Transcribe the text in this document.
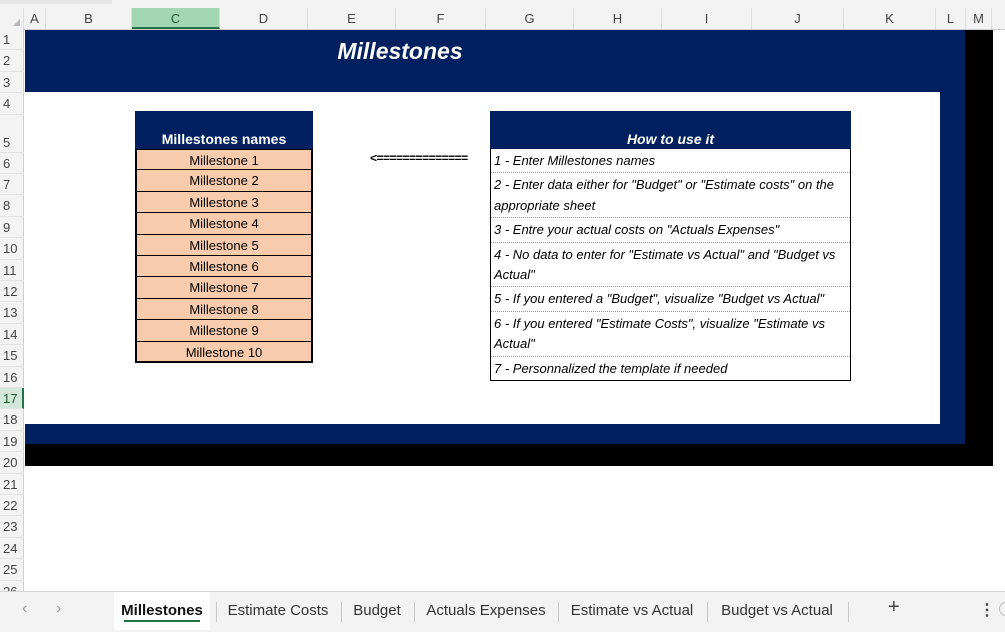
A	B	C	D	E	F	G	H	I	J	K	L	M
1
2
3
4
5
6
7
8
9
10
11
12
13
14
15
16
17
18
19
20
21
22
23
24
25
Millestones
Millestones names
Millestone 1
Millestone 2
Millestone 3
Millestone 4
Millestone 5
Millestone 6
Millestone 7
Millestone 8
Millestone 9
Millestone 10
<==============
How to use it
1 - Enter Millestones names
2 - Enter data either for "Budget" or "Estimate costs" on the appropriate sheet
3 - Entre your actual costs on "Actuals Expenses"
4 - No data to enter for "Estimate vs Actual" and "Budget vs Actual"
5 - If you entered a "Budget", visualize "Budget vs Actual"
6 - If you entered "Estimate Costs", visualize "Estimate vs Actual"
7 - Personnalized the template if needed
‹ ›	Millestones	Estimate Costs	Budget	Actuals Expenses	Estimate vs Actual	Budget vs Actual	+	⋮
